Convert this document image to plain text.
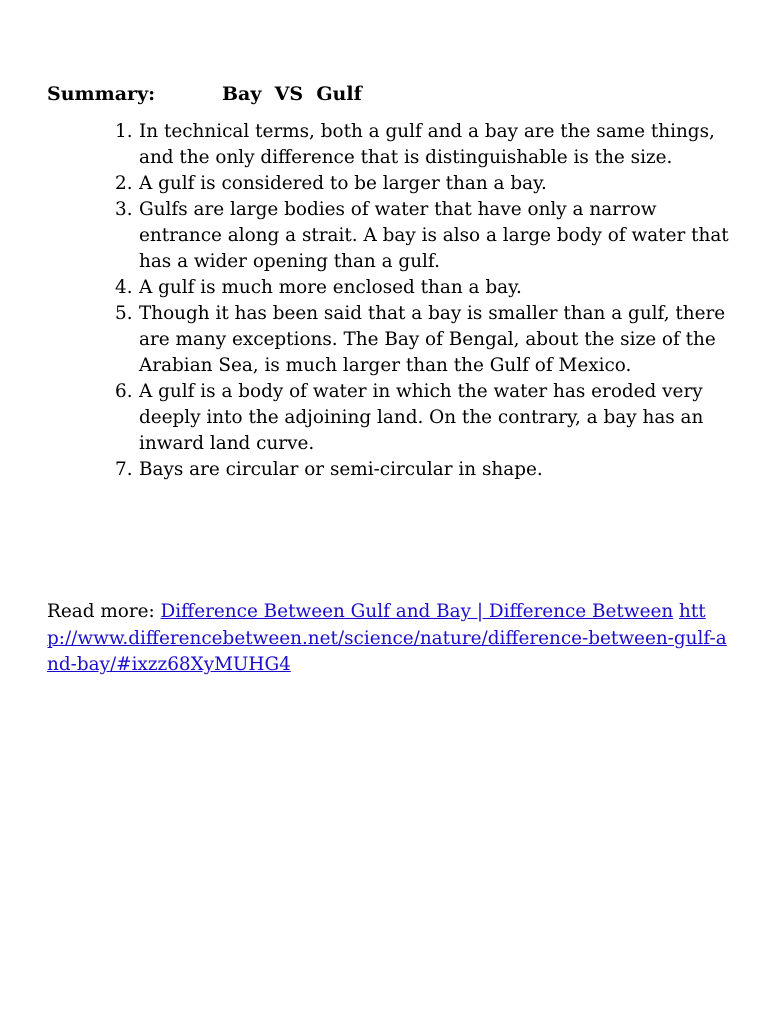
Summary:	Bay  VS  Gulf
1. In technical terms, both a gulf and a bay are the same things, and the only difference that is distinguishable is the size.
2. A gulf is considered to be larger than a bay.
3. Gulfs are large bodies of water that have only a narrow entrance along a strait. A bay is also a large body of water that has a wider opening than a gulf.
4. A gulf is much more enclosed than a bay.
5. Though it has been said that a bay is smaller than a gulf, there are many exceptions. The Bay of Bengal, about the size of the Arabian Sea, is much larger than the Gulf of Mexico.
6. A gulf is a body of water in which the water has eroded very deeply into the adjoining land. On the contrary, a bay has an inward land curve.
7. Bays are circular or semi-circular in shape.
Read more: Difference Between Gulf and Bay | Difference Between http://www.differencebetween.net/science/nature/difference-between-gulf-and-bay/#ixzz68XyMUHG4
